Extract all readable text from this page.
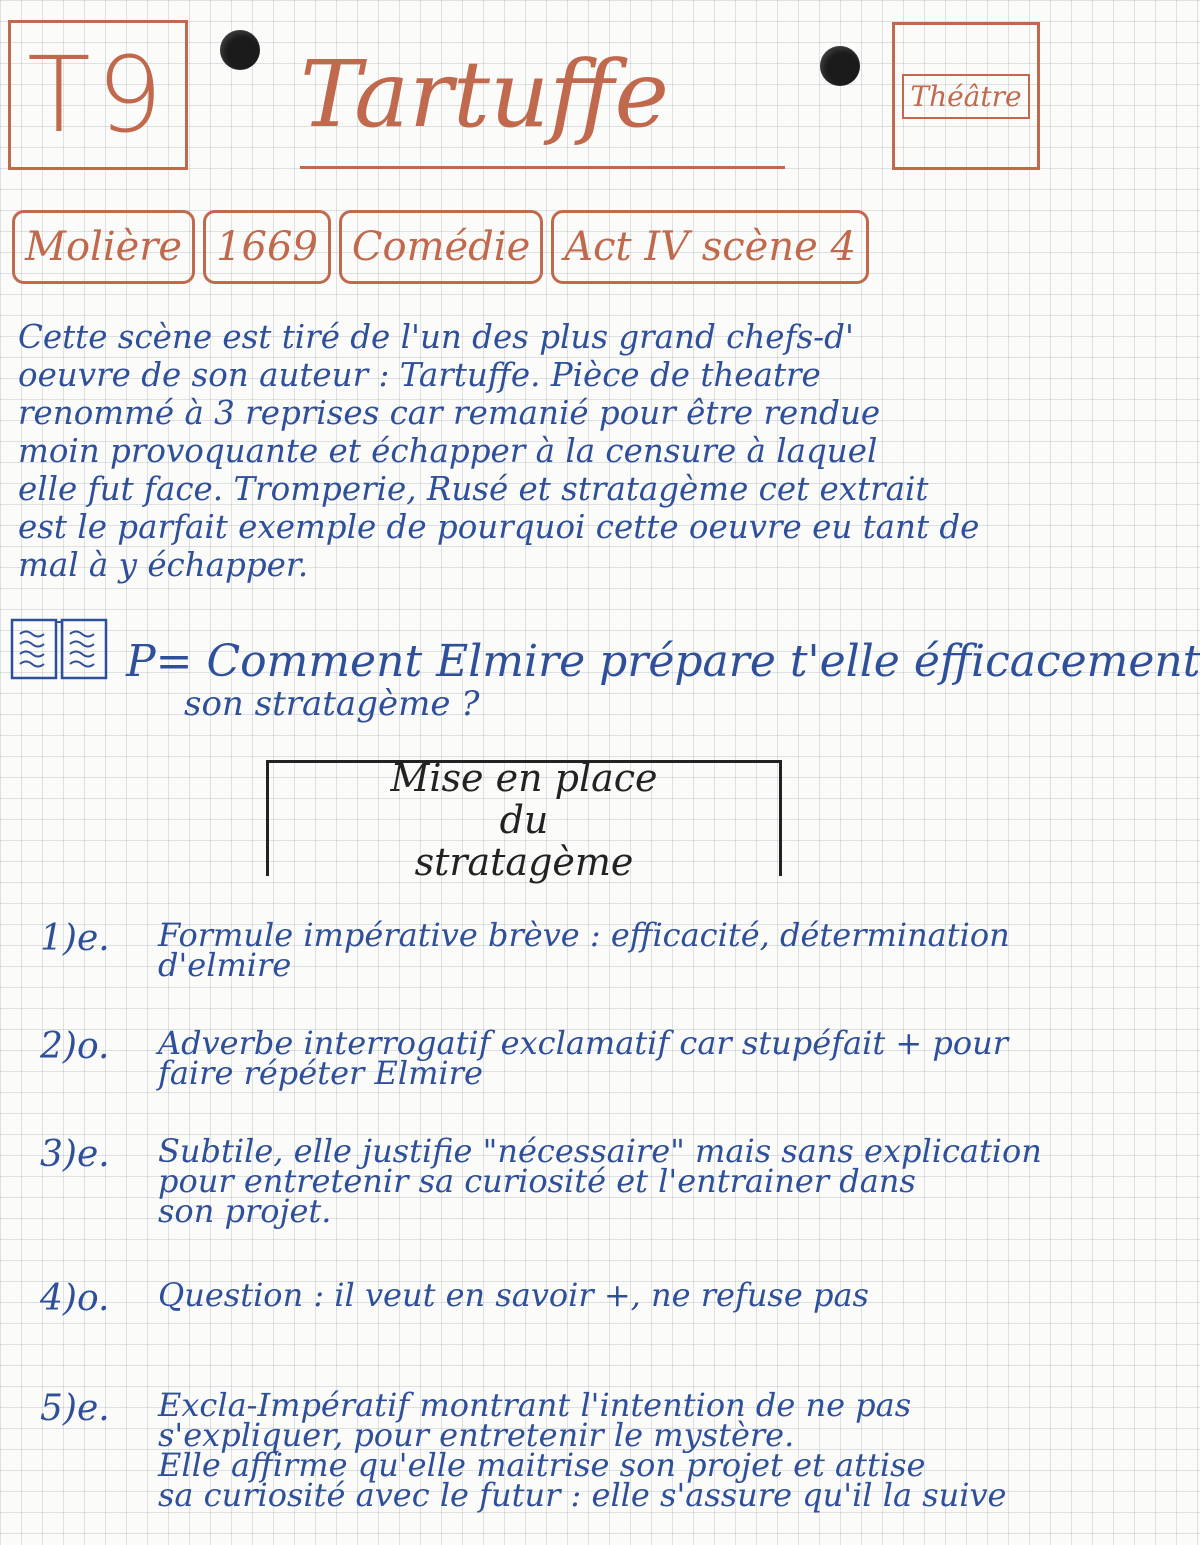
T9 Tartuffe	Théâtre
Molière 1669 Comédie Act IV scène 4

Cette scène est tiré de l'un des plus grand chefs-d'

oeuvre de son auteur : Tartuffe. Pièce de theatre

renommé à 3 reprises car remanié pour être rendue

moin provoquante et échapper à la censure à laquel

elle fut face. Tromperie, Rusé et stratagème cet extrait

est le parfait exemple de pourquoi cette oeuvre eu tant de

mal à y échapper.

P= Comment Elmire prépare t'elle éfficacement
son stratagème ?
Mise en place du
stratagème
1)e.	Formule impérative brève : efficacité, détermination
d'elmire
2)o.	Adverbe interrogatif exclamatif car stupéfait + pour
faire répéter Elmire
3)e.	Subtile, elle justifie "nécessaire" mais sans explication
pour entretenir sa curiosité et l'entrainer dans
son projet.
4)o.	Question : il veut en savoir +, ne refuse pas
5)e.	Excla-Impératif montrant l'intention de ne pas
s'expliquer, pour entretenir le mystère.
Elle affirme qu'elle maitrise son projet et attise
sa curiosité avec le futur : elle s'assure qu'il la suive
